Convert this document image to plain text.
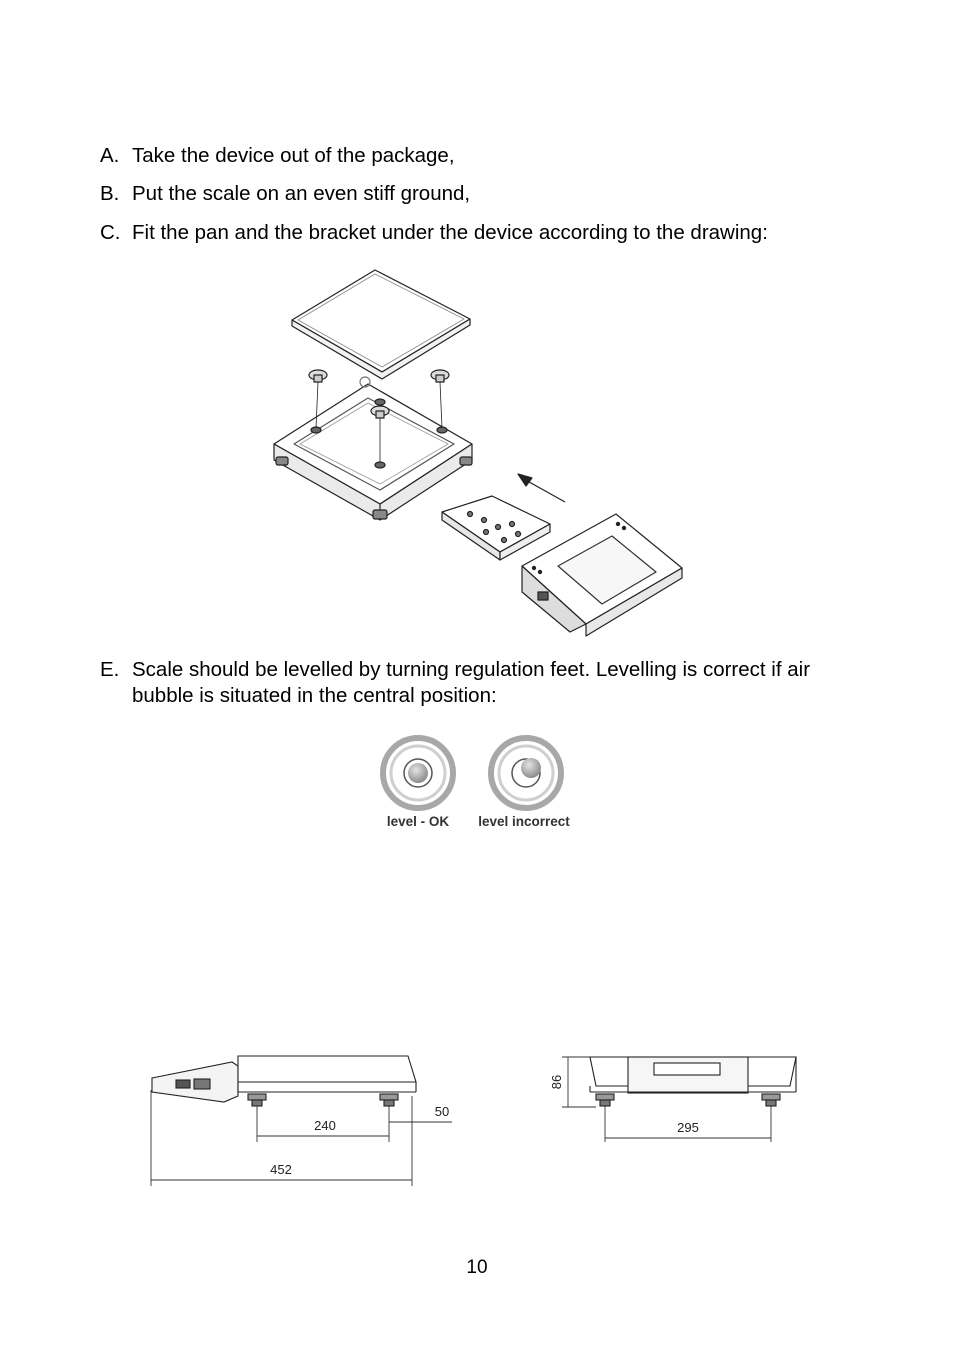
A. Take the device out of the package,
B. Put the scale on an even stiff ground,
C. Fit the pan and the bracket under the device according to the drawing:
E. Scale should be levelled by turning regulation feet. Levelling is correct if air bubble is situated in the central position:
level - OK level incorrect
240
50
452
86
295
10
